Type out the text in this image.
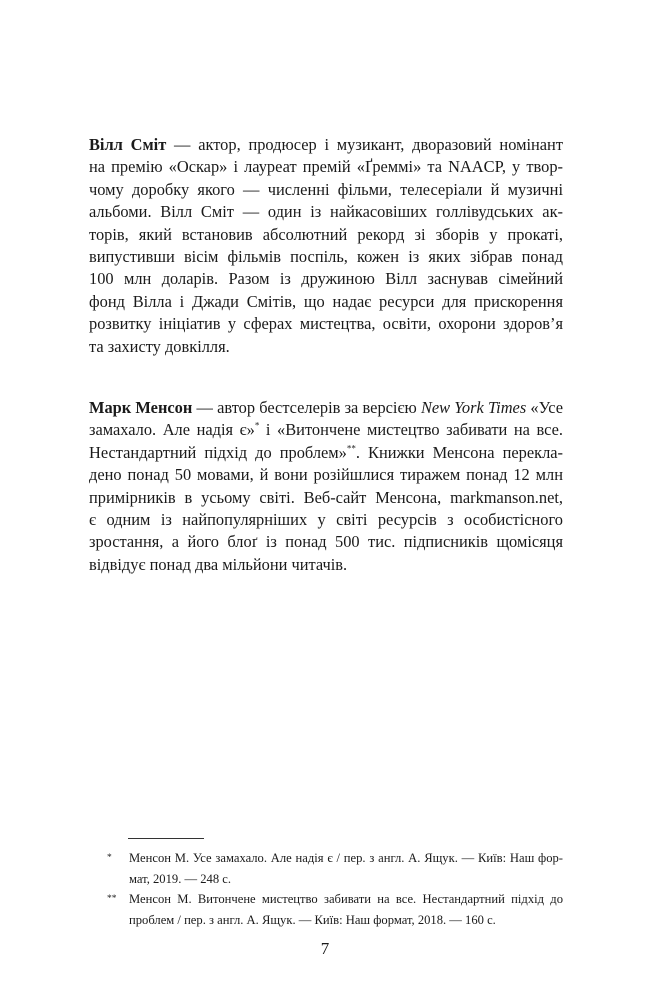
Вілл Сміт — актор, продюсер і музикант, дворазовий номінант
на премію «Оскар» і лауреат премій «Ґреммі» та NAACP, у твор-
чому доробку якого — численні фільми, телесеріали й музичні
альбоми. Вілл Сміт — один із найкасовіших голлівудських ак-
торів, який встановив абсолютний рекорд зі зборів у прокаті,
випустивши вісім фільмів поспіль, кожен із яких зібрав понад
100 млн доларів. Разом із дружиною Вілл заснував сімейний
фонд Вілла і Джади Смітів, що надає ресурси для прискорення
розвитку ініціатив у сферах мистецтва, освіти, охорони здоров’я
та захисту довкілля.
Марк Менсон — автор бестселерів за версією New York Times «Усе
замахало. Але надія є»* і «Витончене мистецтво забивати на все.
Нестандартний підхід до проблем»**. Книжки Менсона перекла-
дено понад 50 мовами, й вони розійшлися тиражем понад 12 млн
примірників в усьому світі. Веб-сайт Менсона, markmanson.net,
є одним із найпопулярніших у світі ресурсів з особистісного
зростання, а його блоґ із понад 500 тис. підписників щомісяця
відвідує понад два мільйони читачів.
* Менсон М. Усе замахало. Але надія є / пер. з англ. А. Ящук. — Київ: Наш фор-
мат, 2019. — 248 с.
** Менсон М. Витончене мистецтво забивати на все. Нестандартний підхід до
проблем / пер. з англ. А. Ящук. — Київ: Наш формат, 2018. — 160 с.
7
